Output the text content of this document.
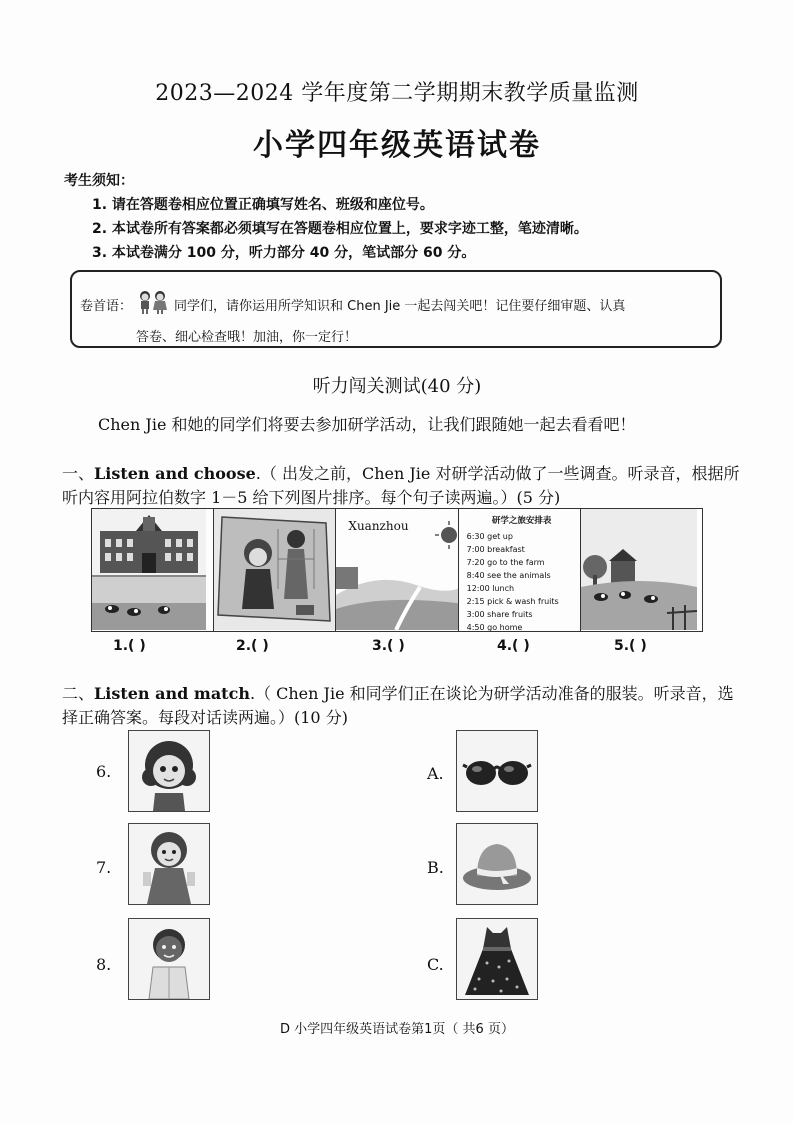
2023—2024 学年度第二学期期末教学质量监测
小学四年级英语试卷
考生须知：
1. 请在答题卷相应位置正确填写姓名、班级和座位号。
2. 本试卷所有答案都必须填写在答题卷相应位置上，要求字迹工整，笔迹清晰。
3. 本试卷满分 100 分，听力部分 40 分，笔试部分 60 分。
卷首语：	同学们，请你运用所学知识和 Chen Jie 一起去闯关吧！记住要仔细审题、认真
答卷、细心检查哦！加油，你一定行！
听力闯关测试(40 分)
Chen Jie 和她的同学们将要去参加研学活动，让我们跟随她一起去看看吧！
一、Listen and choose.（ 出发之前，Chen Jie 对研学活动做了一些调查。听录音，根据所听内容用阿拉伯数字 1－5 给下列图片排序。每个句子读两遍。）(5 分)
Xuanzhou	研学之旅安排表
6:30 get up
7:00 breakfast
7:20 go to the farm
8:40 see the animals
12:00 lunch
2:15 pick & wash fruits
3:00 share fruits
4:50 go home
1.( )	2.( )	3.( )	4.( )	5.( )
二、Listen and match.（ Chen Jie 和同学们正在谈论为研学活动准备的服装。听录音，选择正确答案。每段对话读两遍。）(10 分)
6.
7.
8.
A.
B.
C.
D 小学四年级英语试卷第1页（ 共6 页）
